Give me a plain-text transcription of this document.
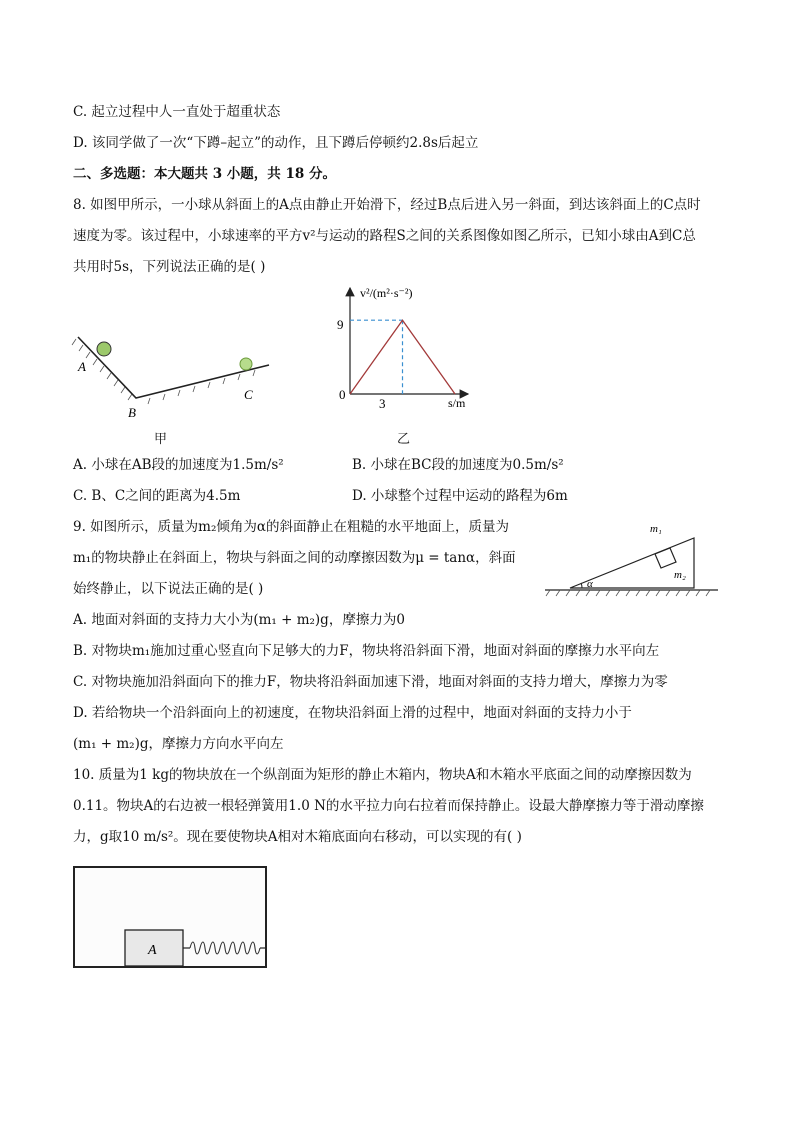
C. 起立过程中人一直处于超重状态
D. 该同学做了一次“下蹲–起立”的动作，且下蹲后停顿约2.8s后起立
二、多选题：本大题共 3 小题，共 18 分。
8. 如图甲所示，一小球从斜面上的A点由静止开始滑下，经过B点后进入另一斜面，到达该斜面上的C点时
速度为零。该过程中，小球速率的平方v²与运动的路程S之间的关系图像如图乙所示，已知小球由A到C总
共用时5s，下列说法正确的是( )
A
B
C
甲
v²/(m²·s⁻²)
s/m
9
3
0
乙
A. 小球在AB段的加速度为1.5m/s²	B. 小球在BC段的加速度为0.5m/s²
C. B、C之间的距离为4.5m	D. 小球整个过程中运动的路程为6m
9. 如图所示，质量为m₂倾角为α的斜面静止在粗糙的水平地面上，质量为
m₁的物块静止在斜面上，物块与斜面之间的动摩擦因数为μ = tanα，斜面
始终静止，以下说法正确的是( )	α
m₁
m₂
A. 地面对斜面的支持力大小为(m₁ + m₂)g，摩擦力为0
B. 对物块m₁施加过重心竖直向下足够大的力F，物块将沿斜面下滑，地面对斜面的摩擦力水平向左
C. 对物块施加沿斜面向下的推力F，物块将沿斜面加速下滑，地面对斜面的支持力增大，摩擦力为零
D. 若给物块一个沿斜面向上的初速度，在物块沿斜面上滑的过程中，地面对斜面的支持力小于
(m₁ + m₂)g，摩擦力方向水平向左
10. 质量为1 kg的物块放在一个纵剖面为矩形的静止木箱内，物块A和木箱水平底面之间的动摩擦因数为
0.11。物块A的右边被一根轻弹簧用1.0 N的水平拉力向右拉着而保持静止。设最大静摩擦力等于滑动摩擦
力，g取10 m/s²。现在要使物块A相对木箱底面向右移动，可以实现的有( )
A
